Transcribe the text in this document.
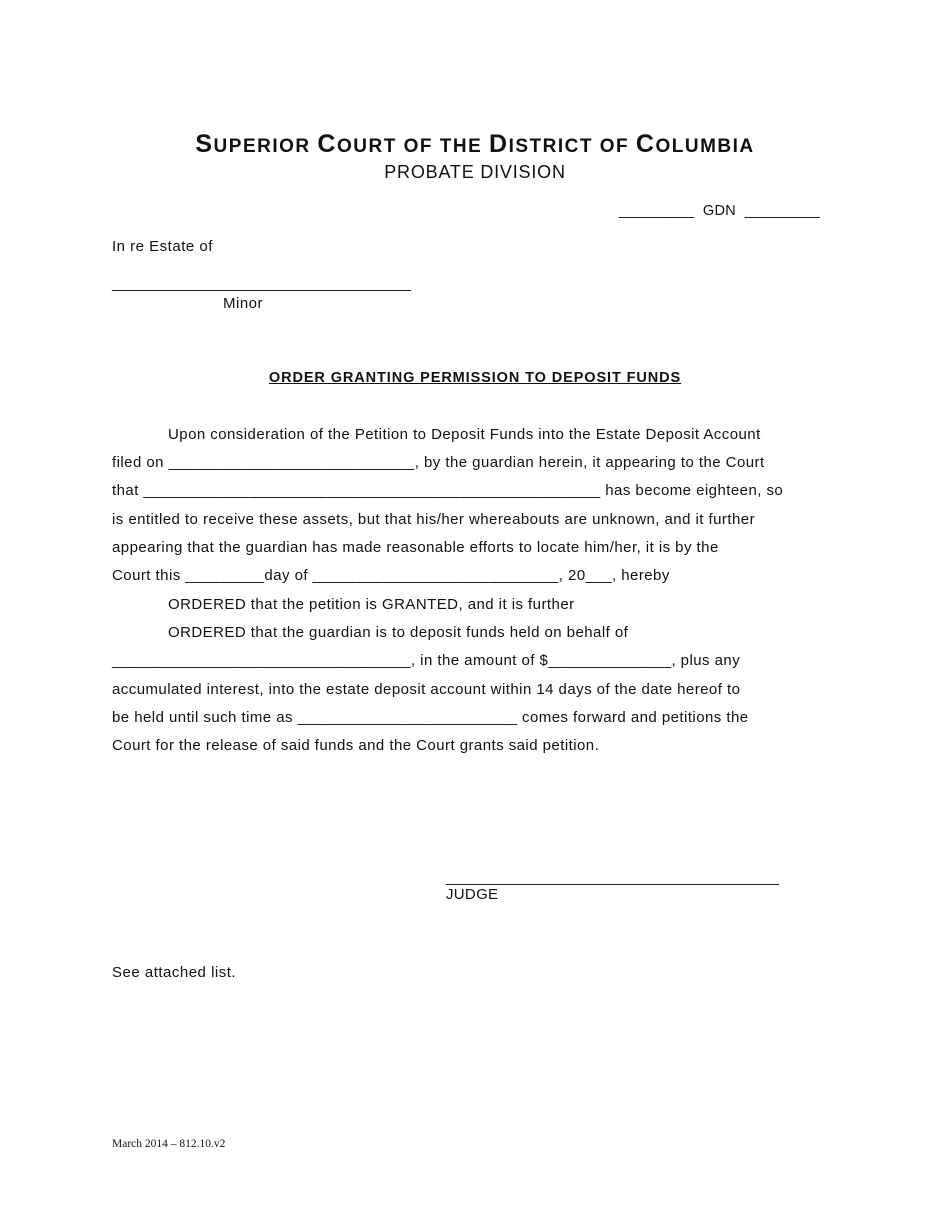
SUPERIOR COURT OF THE DISTRICT OF COLUMBIA
PROBATE DIVISION
_________  GDN  _________
In re Estate of
___________________________________
Minor
ORDER GRANTING PERMISSION TO DEPOSIT FUNDS
Upon consideration of the Petition to Deposit Funds into the Estate Deposit Account
filed on ____________________________, by the guardian herein, it appearing to the Court
that ____________________________________________________ has become eighteen, so
is entitled to receive these assets, but that his/her whereabouts are unknown, and it further
appearing that the guardian has made reasonable efforts to locate him/her, it is by the
Court this _________day of ____________________________, 20___, hereby
ORDERED that the petition is GRANTED, and it is further
ORDERED that the guardian is to deposit funds held on behalf of
__________________________________, in the amount of $______________, plus any
accumulated interest, into the estate deposit account within 14 days of the date hereof to
be held until such time as _________________________ comes forward and petitions the
Court for the release of said funds and the Court grants said petition.
_______________________________________
JUDGE
See attached list.
March 2014 – 812.10.v2
